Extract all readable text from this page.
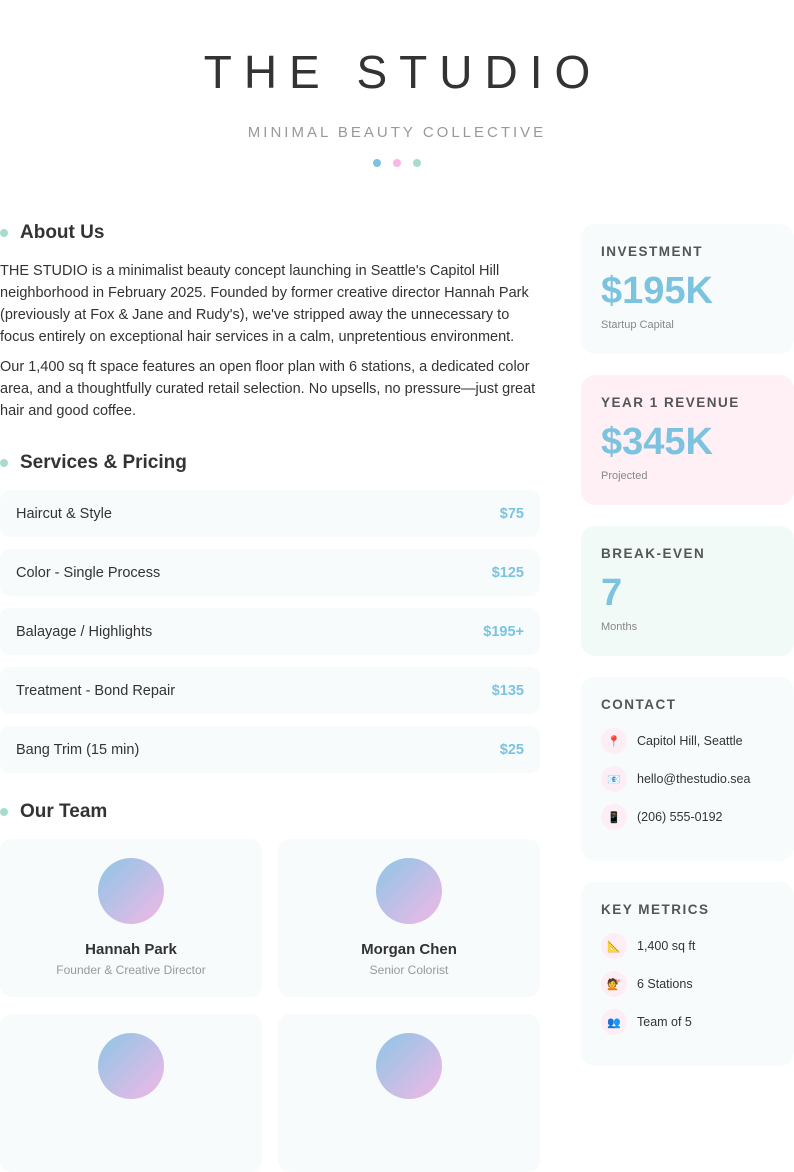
THE STUDIO
MINIMAL BEAUTY COLLECTIVE
About Us

THE STUDIO is a minimalist beauty concept launching in Seattle's Capitol Hill neighborhood in February 2025. Founded by former creative director Hannah Park (previously at Fox & Jane and Rudy's), we've stripped away the unnecessary to focus entirely on exceptional hair services in a calm, unpretentious environment.

Our 1,400 sq ft space features an open floor plan with 6 stations, a dedicated color area, and a thoughtfully curated retail selection. No upsells, no pressure—just great hair and good coffee.

Services & Pricing
Haircut & Style	$75
Color - Single Process	$125
Balayage / Highlights	$195+
Treatment - Bond Repair	$135
Bang Trim (15 min)	$25
Our Team
Hannah Park
Founder & Creative Director
Morgan Chen
Senior Colorist
INVESTMENT
$195K
Startup Capital
YEAR 1 REVENUE
$345K
Projected
BREAK-EVEN
7
Months
CONTACT
📍	Capitol Hill, Seattle
📧	hello@thestudio.sea
📱	(206) 555-0192
KEY METRICS
📐	1,400 sq ft
💇	6 Stations
👥	Team of 5
